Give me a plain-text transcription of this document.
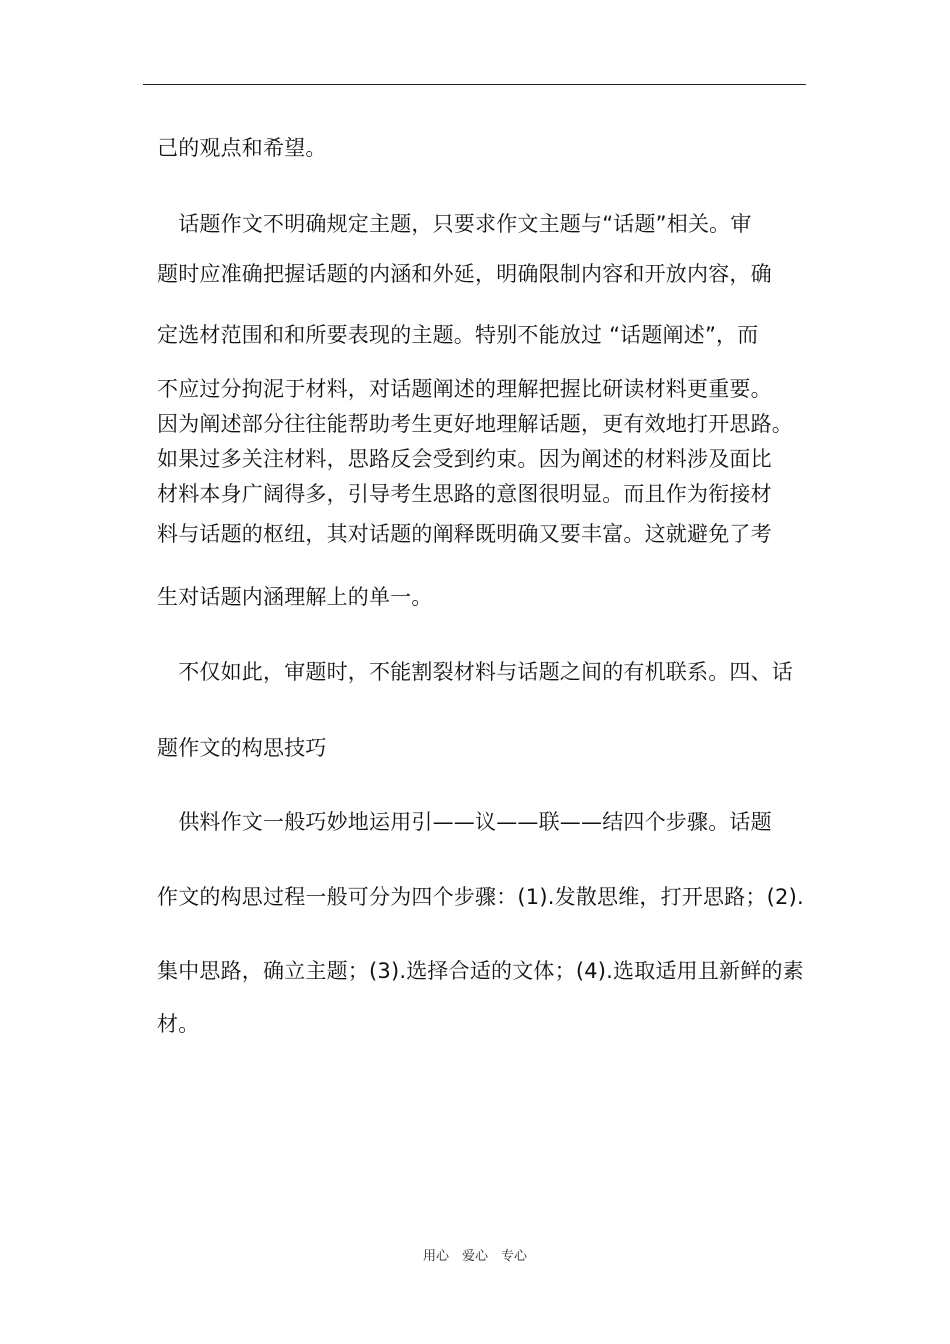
己的观点和希望。
　话题作文不明确规定主题，只要求作文主题与“话题”相关。审
题时应准确把握话题的内涵和外延，明确限制内容和开放内容，确
定选材范围和和所要表现的主题。特别不能放过 “话题阐述”，而
不应过分拘泥于材料，对话题阐述的理解把握比研读材料更重要。
因为阐述部分往往能帮助考生更好地理解话题，更有效地打开思路。
如果过多关注材料，思路反会受到约束。因为阐述的材料涉及面比
材料本身广阔得多，引导考生思路的意图很明显。而且作为衔接材
料与话题的枢纽，其对话题的阐释既明确又要丰富。这就避免了考
生对话题内涵理解上的单一。
　不仅如此，审题时，不能割裂材料与话题之间的有机联系。四、话
题作文的构思技巧
　供料作文一般巧妙地运用引——议——联——结四个步骤。话题
作文的构思过程一般可分为四个步骤：(1).发散思维，打开思路；(2).
集中思路，确立主题；(3).选择合适的文体；(4).选取适用且新鲜的素
材。
用心　爱心　专心
